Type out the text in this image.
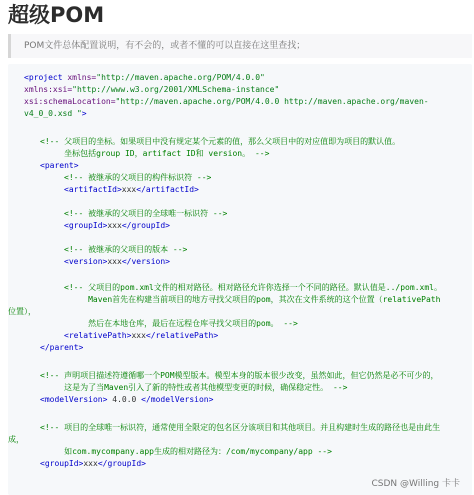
超级POM
POM文件总体配置说明，有不会的，或者不懂的可以直接在这里查找；
<project xmlns="http://maven.apache.org/POM/4.0.0"
xmlns:xsi="http://www.w3.org/2001/XMLSchema-instance"
xsi:schemaLocation="http://maven.apache.org/POM/4.0.0 http://maven.apache.org/maven-
v4_0_0.xsd ">
<!-- 父项目的坐标。如果项目中没有规定某个元素的值，那么父项目中的对应值即为项目的默认值。
坐标包括group ID，artifact ID和 version。 -->
<parent>
<!-- 被继承的父项目的构件标识符 -->
<artifactId>xxx</artifactId>
<!-- 被继承的父项目的全球唯一标识符 -->
<groupId>xxx</groupId>
<!-- 被继承的父项目的版本 -->
<version>xxx</version>
<!-- 父项目的pom.xml文件的相对路径。相对路径允许你选择一个不同的路径。默认值是../pom.xml。
Maven首先在构建当前项目的地方寻找父项目的pom，其次在文件系统的这个位置（relativePath
位置），
然后在本地仓库，最后在远程仓库寻找父项目的pom。 -->
<relativePath>xxx</relativePath>
</parent>
<!-- 声明项目描述符遵循哪一个POM模型版本。模型本身的版本很少改变，虽然如此，但它仍然是必不可少的，
这是为了当Maven引入了新的特性或者其他模型变更的时候，确保稳定性。 -->
<modelVersion> 4.0.0 </modelVersion>
<!-- 项目的全球唯一标识符，通常使用全限定的包名区分该项目和其他项目。并且构建时生成的路径也是由此生
成，
如com.mycompany.app生成的相对路径为：/com/mycompany/app -->
<groupId>xxx</groupId>
CSDN @Willing 卡卡
